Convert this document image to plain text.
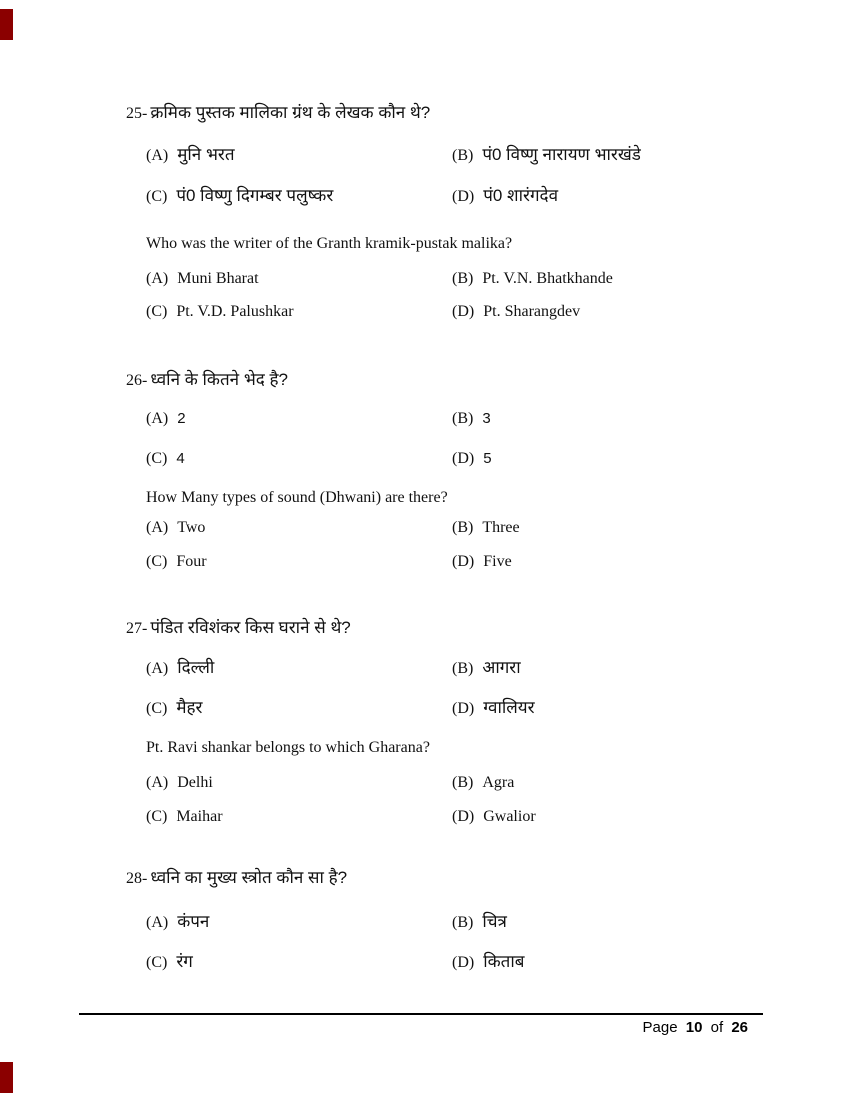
25- क्रमिक पुस्तक मालिका ग्रंथ के लेखक कौन थे?
(A) मुनि भरत	(B) पं0 विष्णु नारायण भारखंडे
(C) पं0 विष्णु दिगम्बर पलुष्कर	(D) पं0 शारंगदेव
Who was the writer of the Granth kramik-pustak malika?
(A) Muni Bharat	(B) Pt. V.N. Bhatkhande
(C) Pt. V.D. Palushkar	(D) Pt. Sharangdev
26- ध्वनि के कितने भेद है?
(A) 2	(B) 3
(C) 4	(D) 5
How Many types of sound (Dhwani) are there?
(A) Two	(B) Three
(C) Four	(D) Five
27- पंडित रविशंकर किस घराने से थे?
(A) दिल्ली	(B) आगरा
(C) मैहर	(D) ग्वालियर
Pt. Ravi shankar belongs to which Gharana?
(A) Delhi	(B) Agra
(C) Maihar	(D) Gwalior
28- ध्वनि का मुख्य स्त्रोत कौन सा है?
(A) कंपन	(B) चित्र
(C) रंग	(D) किताब
Page 10 of 26
